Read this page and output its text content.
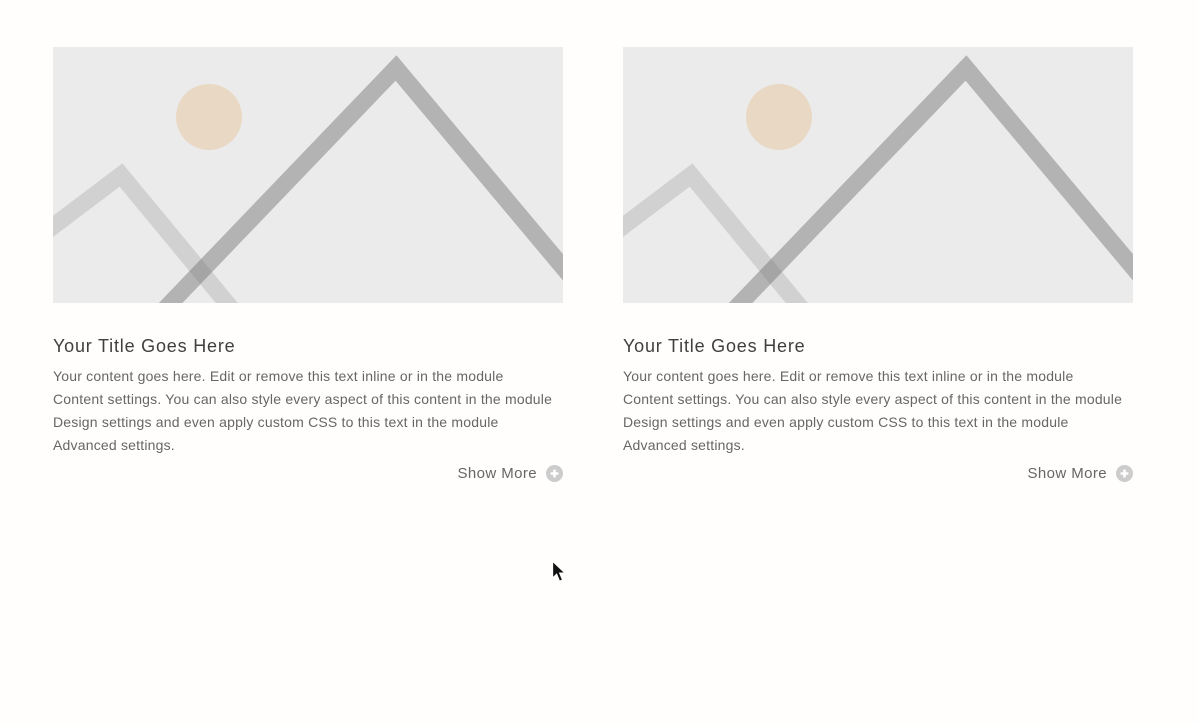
Your Title Goes Here
Your content goes here. Edit or remove this text inline or in the module
Content settings. You can also style every aspect of this content in the module
Design settings and even apply custom CSS to this text in the module
Advanced settings.
Show More
Your Title Goes Here
Your content goes here. Edit or remove this text inline or in the module
Content settings. You can also style every aspect of this content in the module
Design settings and even apply custom CSS to this text in the module
Advanced settings.
Show More
